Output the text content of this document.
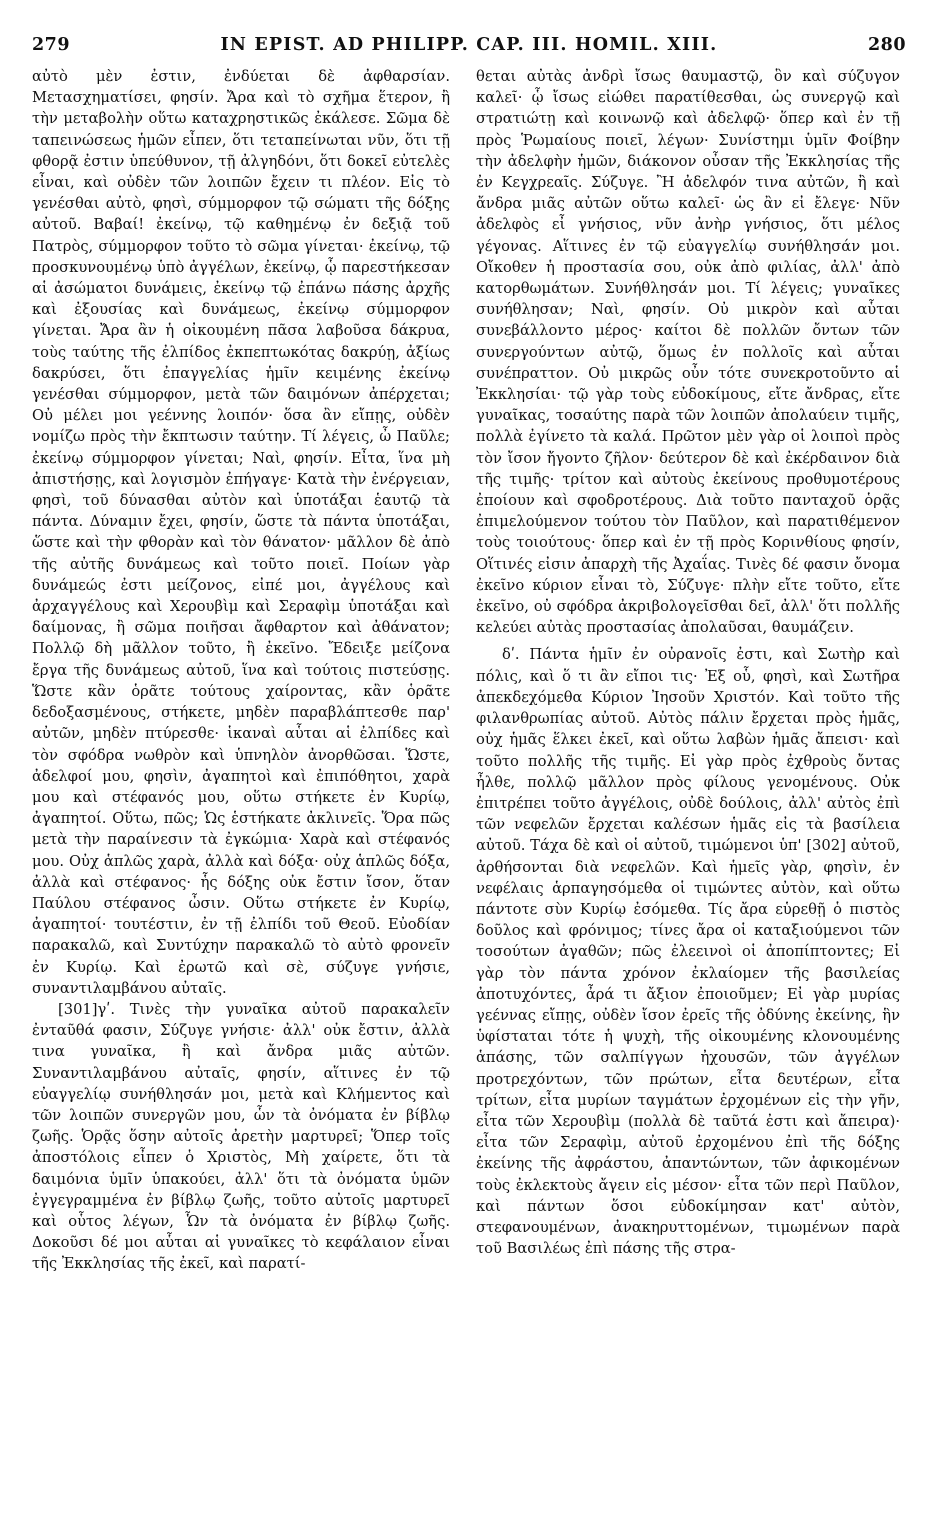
279	IN EPIST. AD PHILIPP. CAP. III. HOMIL. XIII.	280

αὐτὸ μὲν ἐστιν, ἐνδύεται δὲ ἀφθαρσίαν. Μετασχηματίσει, φησίν. Ἄρα καὶ τὸ σχῆμα ἕτερον, ἢ τὴν μεταβολὴν οὕτω καταχρηστικῶς ἐκάλεσε. Σῶμα δὲ ταπεινώσεως ἡμῶν εἶπεν, ὅτι τεταπείνωται νῦν, ὅτι τῇ φθορᾷ ἐστιν ὑπεύθυνον, τῇ ἀλγηδόνι, ὅτι δοκεῖ εὐτελὲς εἶναι, καὶ οὐδὲν τῶν λοιπῶν ἔχειν τι πλέον. Εἰς τὸ γενέσθαι αὐτὸ, φησὶ, σύμμορφον τῷ σώματι τῆς δόξης αὐτοῦ. Βαβαί! ἐκείνῳ, τῷ καθημένῳ ἐν δεξιᾷ τοῦ Πατρὸς, σύμμορφον τοῦτο τὸ σῶμα γίνεται· ἐκείνῳ, τῷ προσκυνουμένῳ ὑπὸ ἀγγέλων, ἐκείνῳ, ᾧ παρεστήκεσαν αἱ ἀσώματοι δυνάμεις, ἐκείνῳ τῷ ἐπάνω πάσης ἀρχῆς καὶ ἐξουσίας καὶ δυνάμεως, ἐκείνῳ σύμμορφον γίνεται. Ἄρα ἂν ἡ οἰκουμένη πᾶσα λαβοῦσα δάκρυα, τοὺς ταύτης τῆς ἐλπίδος ἐκπεπτωκότας δακρύῃ, ἀξίως δακρύσει, ὅτι ἐπαγγελίας ἡμῖν κειμένης ἐκείνῳ γενέσθαι σύμμορφον, μετὰ τῶν δαιμόνων ἀπέρχεται; Οὐ μέλει μοι γεέννης λοιπόν· ὅσα ἂν εἴπῃς, οὐδὲν νομίζω πρὸς τὴν ἔκπτωσιν ταύτην. Τί λέγεις, ὦ Παῦλε; ἐκείνῳ σύμμορφον γίνεται; Ναὶ, φησίν. Εἶτα, ἵνα μὴ ἀπιστήσῃς, καὶ λογισμὸν ἐπήγαγε· Κατὰ τὴν ἐνέργειαν, φησὶ, τοῦ δύνασθαι αὐτὸν καὶ ὑποτάξαι ἑαυτῷ τὰ πάντα. Δύναμιν ἔχει, φησίν, ὥστε τὰ πάντα ὑποτάξαι, ὥστε καὶ τὴν φθορὰν καὶ τὸν θάνατον· μᾶλλον δὲ ἀπὸ τῆς αὐτῆς δυνάμεως καὶ τοῦτο ποιεῖ. Ποίων γὰρ δυνάμεώς ἐστι μείζονος, εἰπέ μοι, ἀγγέλους καὶ ἀρχαγγέλους καὶ Χερουβὶμ καὶ Σεραφὶμ ὑποτάξαι καὶ δαίμονας, ἢ σῶμα ποιῆσαι ἄφθαρτον καὶ ἀθάνατον; Πολλῷ δὴ μᾶλλον τοῦτο, ἢ ἐκεῖνο. Ἔδειξε μείζονα ἔργα τῆς δυνάμεως αὐτοῦ, ἵνα καὶ τούτοις πιστεύσῃς. Ὥστε κἂν ὁρᾶτε τούτους χαίροντας, κἂν ὁρᾶτε δεδοξασμένους, στήκετε, μηδὲν παραβλάπτεσθε παρ' αὐτῶν, μηδὲν πτύρεσθε· ἱκαναὶ αὗται αἱ ἐλπίδες καὶ τὸν σφόδρα νωθρὸν καὶ ὑπνηλὸν ἀνορθῶσαι. Ὥστε, ἀδελφοί μου, φησὶν, ἀγαπητοὶ καὶ ἐπιπόθητοι, χαρὰ μου καὶ στέφανός μου, οὕτω στήκετε ἐν Κυρίῳ, ἀγαπητοί. Οὕτω, πῶς; Ὡς ἑστήκατε ἀκλινεῖς. Ὅρα πῶς μετὰ τὴν παραίνεσιν τὰ ἐγκώμια· Χαρὰ καὶ στέφανός μου. Οὐχ ἁπλῶς χαρὰ, ἀλλὰ καὶ δόξα· οὐχ ἁπλῶς δόξα, ἀλλὰ καὶ στέφανος· ἧς δόξης οὐκ ἔστιν ἴσον, ὅταν Παύλου στέφανος ὦσιν. Οὕτω στήκετε ἐν Κυρίῳ, ἀγαπητοί· τουτέστιν, ἐν τῇ ἐλπίδι τοῦ Θεοῦ. Εὐοδίαν παρακαλῶ, καὶ Συντύχην παρακαλῶ τὸ αὐτὸ φρονεῖν ἐν Κυρίῳ. Καὶ ἐρωτῶ καὶ σὲ, σύζυγε γνήσιε, συναντιλαμβάνου αὐταῖς.

[301]γʹ. Τινὲς τὴν γυναῖκα αὐτοῦ παρακαλεῖν ἐνταῦθά φασιν, Σύζυγε γνήσιε· ἀλλ' οὐκ ἔστιν, ἀλλὰ τινα γυναῖκα, ἢ καὶ ἄνδρα μιᾶς αὐτῶν. Συναντιλαμβάνου αὐταῖς, φησίν, αἵτινες ἐν τῷ εὐαγγελίῳ συνήθλησάν μοι, μετὰ καὶ Κλήμεντος καὶ τῶν λοιπῶν συνεργῶν μου, ὧν τὰ ὀνόματα ἐν βίβλῳ ζωῆς. Ὁρᾷς ὅσην αὐτοῖς ἀρετὴν μαρτυρεῖ; Ὅπερ τοῖς ἀποστόλοις εἶπεν ὁ Χριστὸς, Μὴ χαίρετε, ὅτι τὰ δαιμόνια ὑμῖν ὑπακούει, ἀλλ' ὅτι τὰ ὀνόματα ὑμῶν ἐγγεγραμμένα ἐν βίβλῳ ζωῆς, τοῦτο αὐτοῖς μαρτυρεῖ καὶ οὗτος λέγων, Ὧν τὰ ὀνόματα ἐν βίβλῳ ζωῆς. Δοκοῦσι δέ μοι αὗται αἱ γυναῖκες τὸ κεφάλαιον εἶναι τῆς Ἐκκλησίας τῆς ἐκεῖ, καὶ παρατί-

θεται αὐτὰς ἀνδρὶ ἴσως θαυμαστῷ, ὃν καὶ σύζυγον καλεῖ· ᾧ ἴσως εἰώθει παρατίθεσθαι, ὡς συνεργῷ καὶ στρατιώτῃ καὶ κοινωνῷ καὶ ἀδελφῷ· ὅπερ καὶ ἐν τῇ πρὸς Ῥωμαίους ποιεῖ, λέγων· Συνίστημι ὑμῖν Φοίβην τὴν ἀδελφὴν ἡμῶν, διάκονον οὖσαν τῆς Ἐκκλησίας τῆς ἐν Κεγχρεαῖς. Σύζυγε. Ἢ ἀδελφόν τινα αὐτῶν, ἢ καὶ ἄνδρα μιᾶς αὐτῶν οὕτω καλεῖ· ὡς ἂν εἰ ἔλεγε· Νῦν ἀδελφὸς εἶ γνήσιος, νῦν ἀνὴρ γνήσιος, ὅτι μέλος γέγονας. Αἵτινες ἐν τῷ εὐαγγελίῳ συνήθλησάν μοι. Οἴκοθεν ἡ προστασία σου, οὐκ ἀπὸ φιλίας, ἀλλ' ἀπὸ κατορθωμάτων. Συνήθλησάν μοι. Τί λέγεις; γυναῖκες συνήθλησαν; Ναὶ, φησίν. Οὐ μικρὸν καὶ αὗται συνεβάλλοντο μέρος· καίτοι δὲ πολλῶν ὄντων τῶν συνεργούντων αὐτῷ, ὅμως ἐν πολλοῖς καὶ αὗται συνέπραττον. Οὐ μικρῶς οὖν τότε συνεκροτοῦντο αἱ Ἐκκλησίαι· τῷ γὰρ τοὺς εὐδοκίμους, εἴτε ἄνδρας, εἴτε γυναῖκας, τοσαύτης παρὰ τῶν λοιπῶν ἀπολαύειν τιμῆς, πολλὰ ἐγίνετο τὰ καλά. Πρῶτον μὲν γὰρ οἱ λοιποὶ πρὸς τὸν ἴσον ἤγοντο ζῆλον· δεύτερον δὲ καὶ ἐκέρδαινον διὰ τῆς τιμῆς· τρίτον καὶ αὐτοὺς ἐκείνους προθυμοτέρους ἐποίουν καὶ σφοδροτέρους. Διὰ τοῦτο πανταχοῦ ὁρᾷς ἐπιμελούμενον τούτου τὸν Παῦλον, καὶ παρατιθέμενον τοὺς τοιούτους· ὅπερ καὶ ἐν τῇ πρὸς Κορινθίους φησίν, Οἵτινές εἰσιν ἀπαρχὴ τῆς Ἀχαΐας. Τινὲς δέ φασιν ὄνομα ἐκεῖνο κύριον εἶναι τὸ, Σύζυγε· πλὴν εἴτε τοῦτο, εἴτε ἐκεῖνο, οὐ σφόδρα ἀκριβολογεῖσθαι δεῖ, ἀλλ' ὅτι πολλῆς κελεύει αὐτὰς προστασίας ἀπολαῦσαι, θαυμάζειν.

δʹ. Πάντα ἡμῖν ἐν οὐρανοῖς ἐστι, καὶ Σωτὴρ καὶ πόλις, καὶ ὅ τι ἂν εἴποι τις· Ἐξ οὗ, φησὶ, καὶ Σωτῆρα ἀπεκδεχόμεθα Κύριον Ἰησοῦν Χριστόν. Καὶ τοῦτο τῆς φιλανθρωπίας αὐτοῦ. Αὐτὸς πάλιν ἔρχεται πρὸς ἡμᾶς, οὐχ ἡμᾶς ἕλκει ἐκεῖ, καὶ οὕτω λαβὼν ἡμᾶς ἄπεισι· καὶ τοῦτο πολλῆς τῆς τιμῆς. Εἰ γὰρ πρὸς ἐχθροὺς ὄντας ἦλθε, πολλῷ μᾶλλον πρὸς φίλους γενομένους. Οὐκ ἐπιτρέπει τοῦτο ἀγγέλοις, οὐδὲ δούλοις, ἀλλ' αὐτὸς ἐπὶ τῶν νεφελῶν ἔρχεται καλέσων ἡμᾶς εἰς τὰ βασίλεια αὐτοῦ. Τάχα δὲ καὶ οἱ αὐτοῦ, τιμώμενοι ὑπ' [302] αὐτοῦ, ἀρθήσονται διὰ νεφελῶν. Καὶ ἡμεῖς γὰρ, φησὶν, ἐν νεφέλαις ἁρπαγησόμεθα οἱ τιμώντες αὐτὸν, καὶ οὕτω πάντοτε σὺν Κυρίῳ ἐσόμεθα. Τίς ἄρα εὑρεθῇ ὁ πιστὸς δοῦλος καὶ φρόνιμος; τίνες ἄρα οἱ καταξιούμενοι τῶν τοσούτων ἀγαθῶν; πῶς ἐλεεινοὶ οἱ ἀποπίπτοντες; Εἰ γὰρ τὸν πάντα χρόνον ἐκλαίομεν τῆς βασιλείας ἀποτυχόντες, ἆρά τι ἄξιον ἐποιοῦμεν; Εἰ γὰρ μυρίας γεέννας εἴπῃς, οὐδὲν ἴσον ἐρεῖς τῆς ὀδύνης ἐκείνης, ἣν ὑφίσταται τότε ἡ ψυχὴ, τῆς οἰκουμένης κλονουμένης ἁπάσης, τῶν σαλπίγγων ἠχουσῶν, τῶν ἀγγέλων προτρεχόντων, τῶν πρώτων, εἶτα δευτέρων, εἶτα τρίτων, εἶτα μυρίων ταγμάτων ἐρχομένων εἰς τὴν γῆν, εἶτα τῶν Χερουβὶμ (πολλὰ δὲ ταῦτά ἐστι καὶ ἄπειρα)· εἶτα τῶν Σεραφὶμ, αὐτοῦ ἐρχομένου ἐπὶ τῆς δόξης ἐκείνης τῆς ἀφράστου, ἀπαντώντων, τῶν ἀφικομένων τοὺς ἐκλεκτοὺς ἄγειν εἰς μέσον· εἶτα τῶν περὶ Παῦλον, καὶ πάντων ὅσοι εὐδοκίμησαν κατ' αὐτὸν, στεφανουμένων, ἀνακηρυττομένων, τιμωμένων παρὰ τοῦ Βασιλέως ἐπὶ πάσης τῆς στρα-
